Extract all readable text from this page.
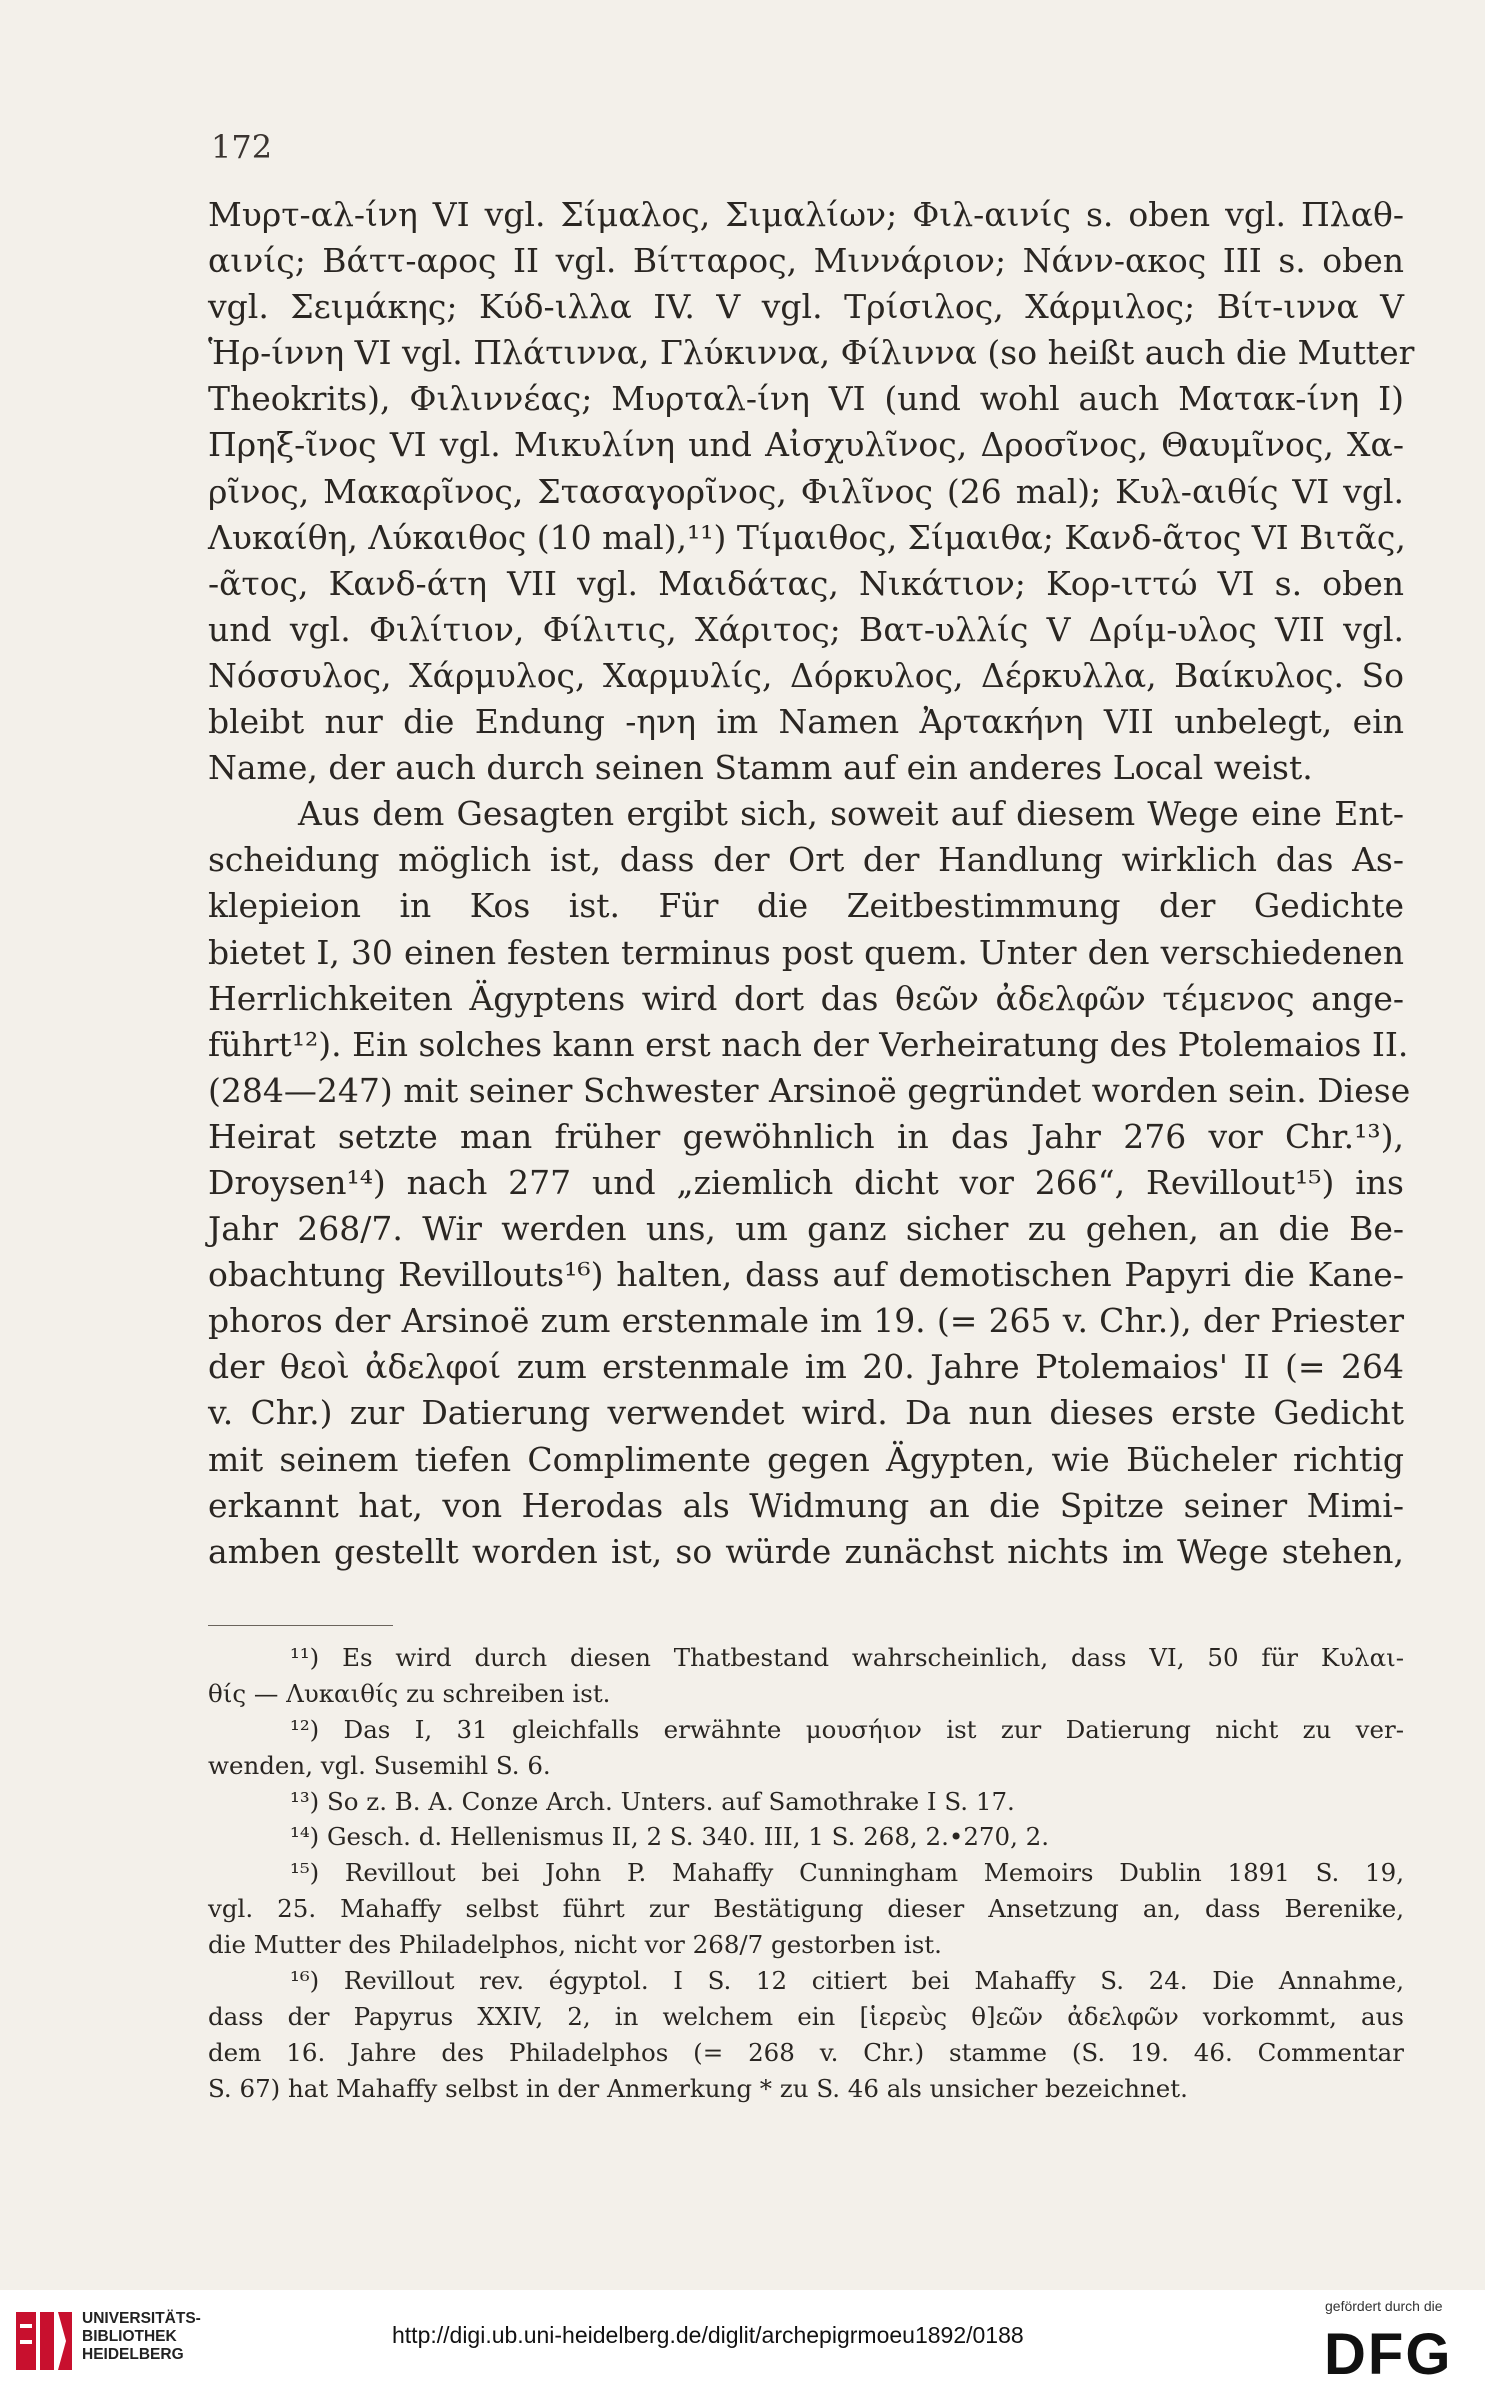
172
Μυρτ-αλ-ίνη VI vgl. Σίμαλος, Σιμαλίων; Φιλ-αινίς s. oben vgl. Πλαθ-
αινίς; Βάττ-αρος II vgl. Βίτταρος, Μιννάριον; Νάνν-ακος III s. oben
vgl. Σειμάκης; Κύδ-ιλλα IV. V vgl. Τρίσιλος, Χάρμιλος; Βίτ-ιννα V
Ἡρ-ίννη VI vgl. Πλάτιννα, Γλύκιννα, Φίλιννα (so heißt auch die Mutter
Theokrits), Φιλιννέας; Μυρταλ-ίνη VI (und wohl auch Ματακ-ίνη I)
Πρηξ-ῖνος VI vgl. Μικυλίνη und Αἰσχυλῖνος, Δροσῖνος, Θαυμῖνος, Χα-
ρῖνος, Μακαρῖνος, Στασαγορῖνος, Φιλῖνος (26 mal); Κυλ-αιθίς VI vgl.
Λυκαίθη, Λύκαιθος (10 mal),¹¹) Τίμαιθος, Σίμαιθα; Κανδ-ᾶτος VI Βιτᾶς,
-ᾶτος, Κανδ-άτη VII vgl. Μαιδάτας, Νικάτιον; Κορ-ιττώ VI s. oben
und vgl. Φιλίτιον, Φίλιτις, Χάριτος; Βατ-υλλίς V Δρίμ-υλος VII vgl.
Νόσσυλος, Χάρμυλος, Χαρμυλίς, Δόρκυλος, Δέρκυλλα, Βαίκυλος. So
bleibt nur die Endung -ηνη im Namen Ἀρτακήνη VII unbelegt, ein
Name, der auch durch seinen Stamm auf ein anderes Local weist.
Aus dem Gesagten ergibt sich, soweit auf diesem Wege eine Ent-
scheidung möglich ist, dass der Ort der Handlung wirklich das As-
klepieion in Kos ist. Für die Zeitbestimmung der Gedichte
bietet I, 30 einen festen terminus post quem. Unter den verschiedenen
Herrlichkeiten Ägyptens wird dort das θεῶν ἀδελφῶν τέμενος ange-
führt¹²). Ein solches kann erst nach der Verheiratung des Ptolemaios II.
(284—247) mit seiner Schwester Arsinoë gegründet worden sein. Diese
Heirat setzte man früher gewöhnlich in das Jahr 276 vor Chr.¹³),
Droysen¹⁴) nach 277 und „ziemlich dicht vor 266“, Revillout¹⁵) ins
Jahr 268/7. Wir werden uns, um ganz sicher zu gehen, an die Be-
obachtung Revillouts¹⁶) halten, dass auf demotischen Papyri die Kane-
phoros der Arsinoë zum erstenmale im 19. (= 265 v. Chr.), der Priester
der θεοὶ ἀδελφοί zum erstenmale im 20. Jahre Ptolemaios' II (= 264
v. Chr.) zur Datierung verwendet wird. Da nun dieses erste Gedicht
mit seinem tiefen Complimente gegen Ägypten, wie Bücheler richtig
erkannt hat, von Herodas als Widmung an die Spitze seiner Mimi-
amben gestellt worden ist, so würde zunächst nichts im Wege stehen,
¹¹) Es wird durch diesen Thatbestand wahrscheinlich, dass VI, 50 für Κυλαι-
θίς — Λυκαιθίς zu schreiben ist.
¹²) Das I, 31 gleichfalls erwähnte μουσήιον ist zur Datierung nicht zu ver-
wenden, vgl. Susemihl S. 6.
¹³) So z. B. A. Conze Arch. Unters. auf Samothrake I S. 17.
¹⁴) Gesch. d. Hellenismus II, 2 S. 340. III, 1 S. 268, 2.•270, 2.
¹⁵) Revillout bei John P. Mahaffy Cunningham Memoirs Dublin 1891 S. 19,
vgl. 25. Mahaffy selbst führt zur Bestätigung dieser Ansetzung an, dass Berenike,
die Mutter des Philadelphos, nicht vor 268/7 gestorben ist.
¹⁶) Revillout rev. égyptol. I S. 12 citiert bei Mahaffy S. 24. Die Annahme,
dass der Papyrus XXIV, 2, in welchem ein [ἱερεὺς θ]εῶν ἀδελφῶν vorkommt, aus
dem 16. Jahre des Philadelphos (= 268 v. Chr.) stamme (S. 19. 46. Commentar
S. 67) hat Mahaffy selbst in der Anmerkung * zu S. 46 als unsicher bezeichnet.
UNIVERSITÄTS-
BIBLIOTHEK
HEIDELBERG
http://digi.ub.uni-heidelberg.de/diglit/archepigrmoeu1892/0188
gefördert durch die
DFG
